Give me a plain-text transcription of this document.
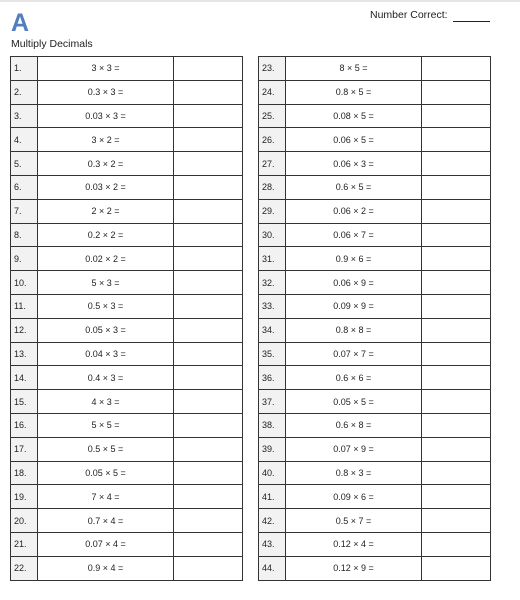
A
Multiply Decimals
Number Correct:
1.	3 × 3 =	
2.	0.3 × 3 =	
3.	0.03 × 3 =	
4.	3 × 2 =	
5.	0.3 × 2 =	
6.	0.03 × 2 =	
7.	2 × 2 =	
8.	0.2 × 2 =	
9.	0.02 × 2 =	
10.	5 × 3 =	
11.	0.5 × 3 =	
12.	0.05 × 3 =	
13.	0.04 × 3 =	
14.	0.4 × 3 =	
15.	4 × 3 =	
16.	5 × 5 =	
17.	0.5 × 5 =	
18.	0.05 × 5 =	
19.	7 × 4 =	
20.	0.7 × 4 =	
21.	0.07 × 4 =	
22.	0.9 × 4 =	
23.	8 × 5 =	
24.	0.8 × 5 =	
25.	0.08 × 5 =	
26.	0.06 × 5 =	
27.	0.06 × 3 =	
28.	0.6 × 5 =	
29.	0.06 × 2 =	
30.	0.06 × 7 =	
31.	0.9 × 6 =	
32.	0.06 × 9 =	
33.	0.09 × 9 =	
34.	0.8 × 8 =	
35.	0.07 × 7 =	
36.	0.6 × 6 =	
37.	0.05 × 5 =	
38.	0.6 × 8 =	
39.	0.07 × 9 =	
40.	0.8 × 3 =	
41.	0.09 × 6 =	
42.	0.5 × 7 =	
43.	0.12 × 4 =	
44.	0.12 × 9 =	
